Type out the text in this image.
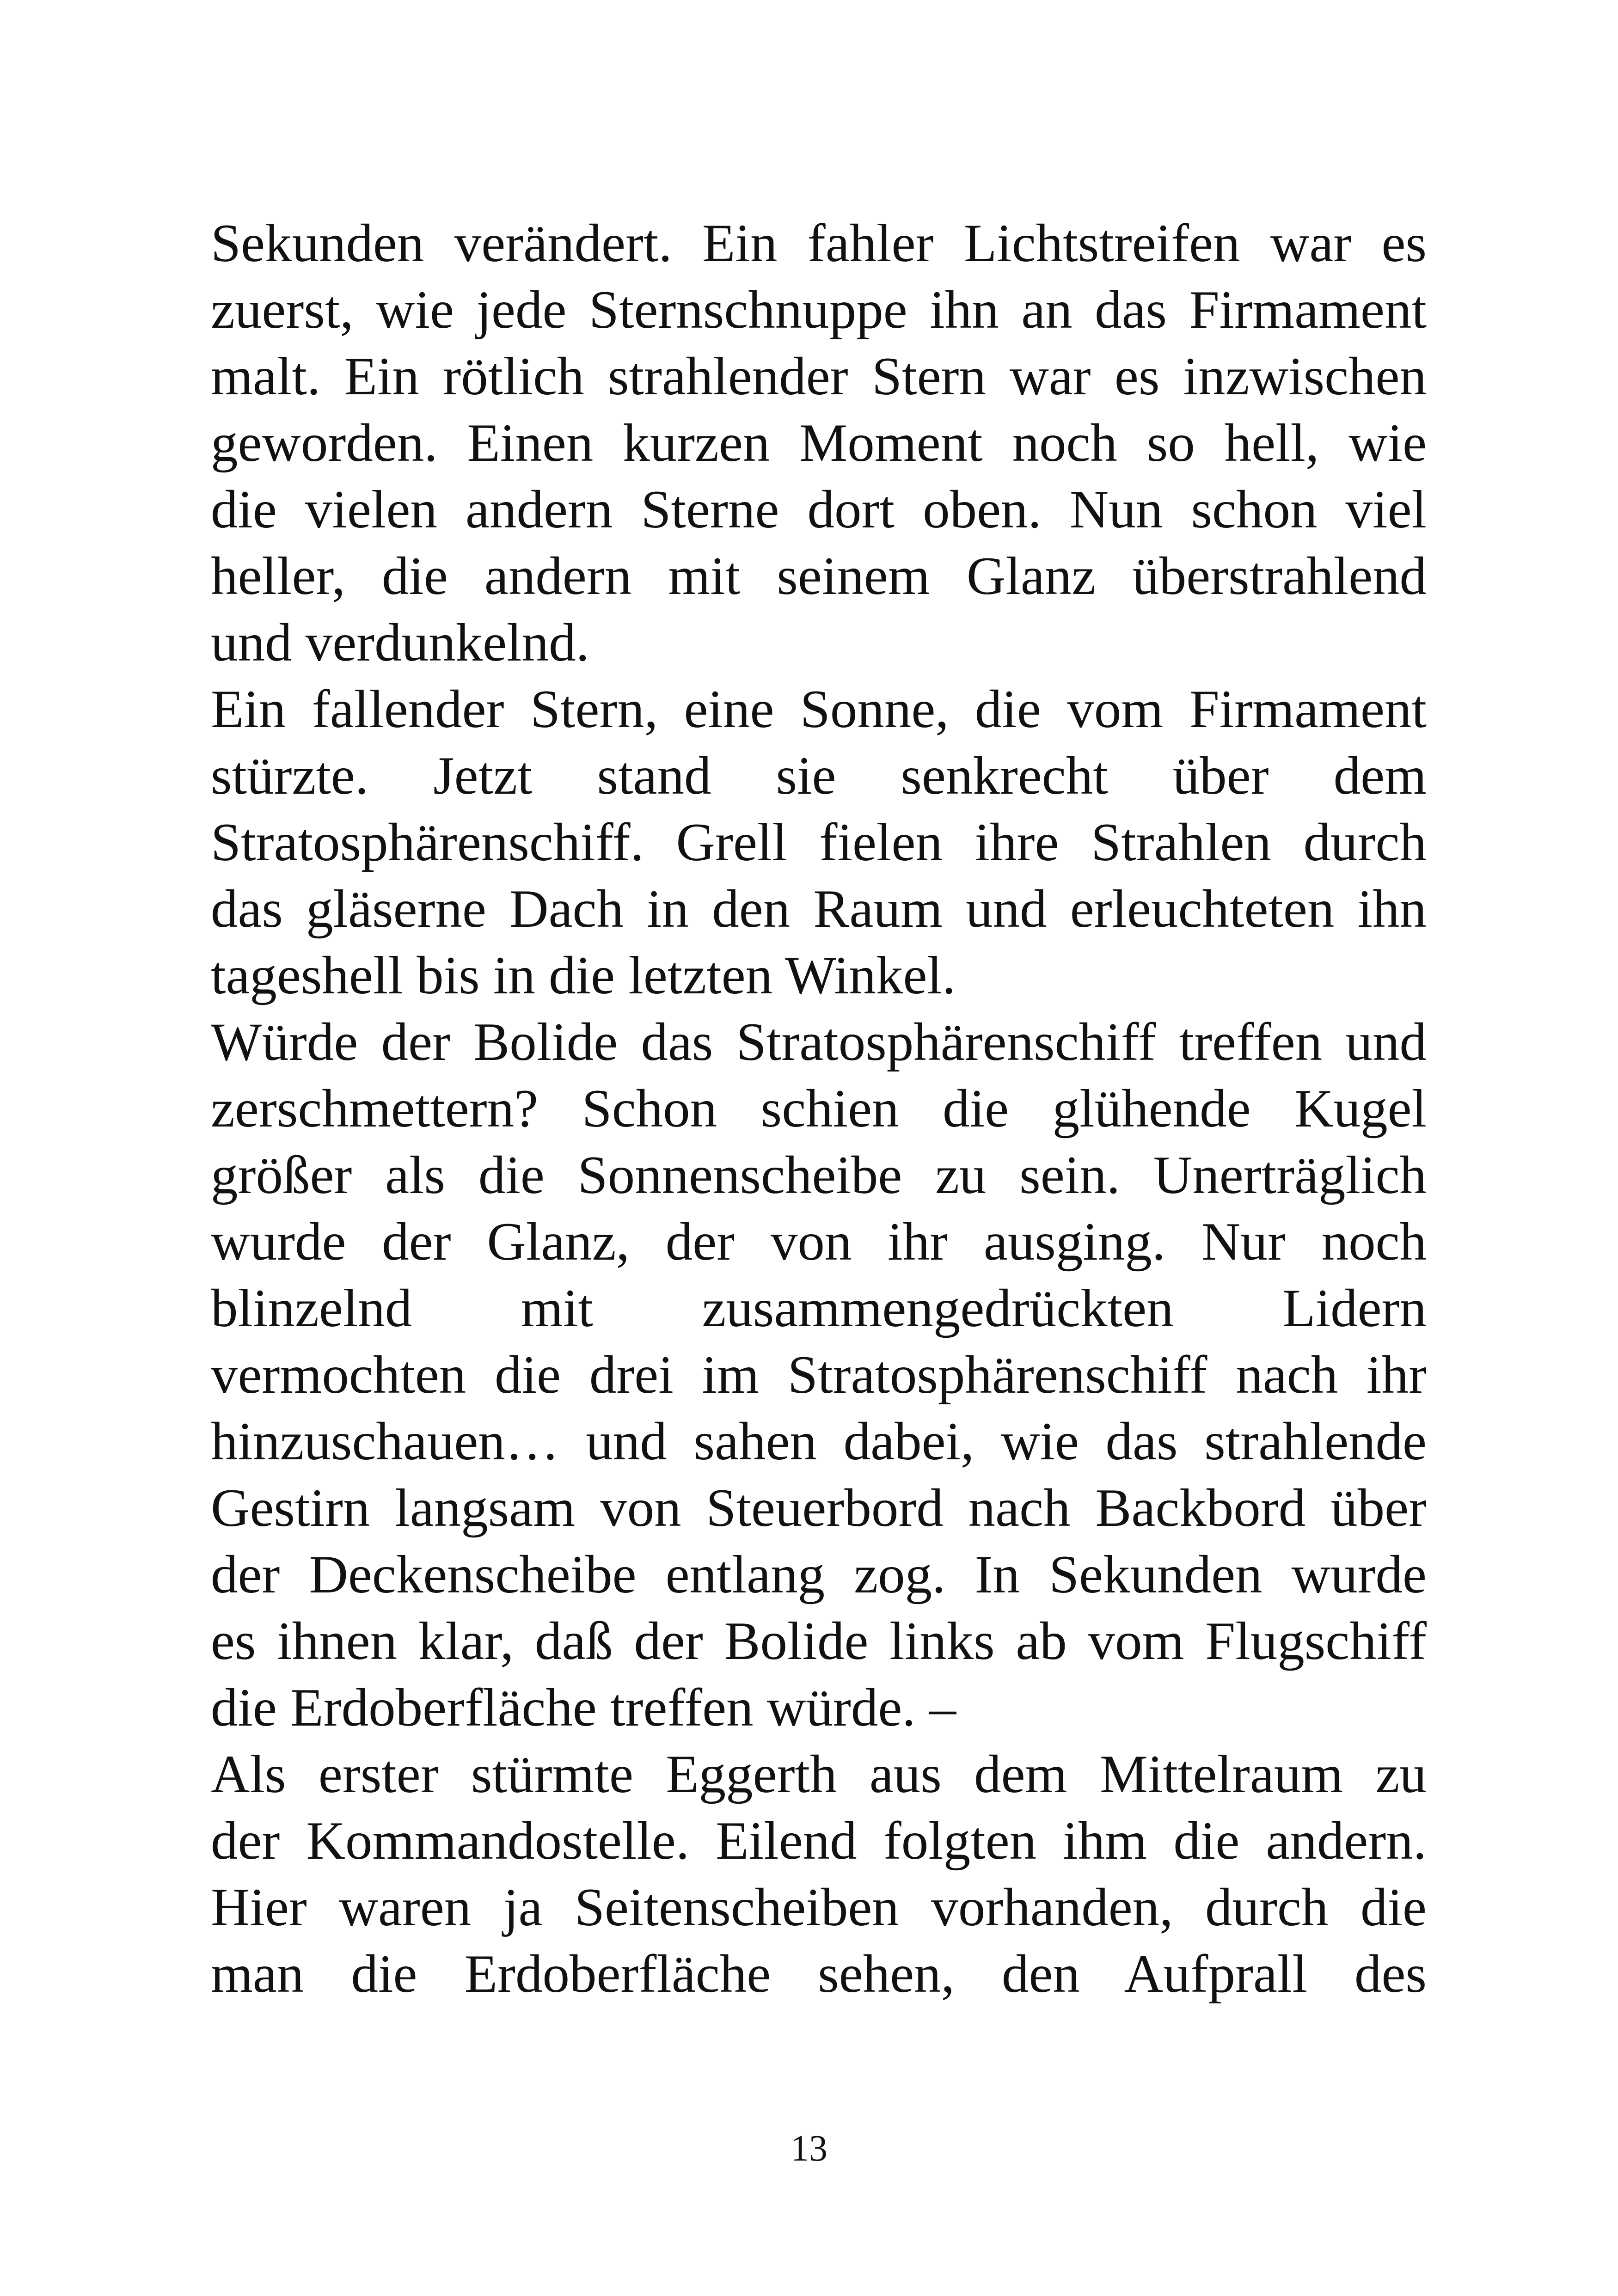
Sekunden verändert. Ein fahler Lichtstreifen war es
zuerst, wie jede Sternschnuppe ihn an das Firmament
malt. Ein rötlich strahlender Stern war es inzwischen
geworden. Einen kurzen Moment noch so hell, wie
die vielen andern Sterne dort oben. Nun schon viel
heller, die andern mit seinem Glanz überstrahlend
und verdunkelnd.
Ein fallender Stern, eine Sonne, die vom Firmament
stürzte. Jetzt stand sie senkrecht über dem
Stratosphärenschiff. Grell fielen ihre Strahlen durch
das gläserne Dach in den Raum und erleuchteten ihn
tageshell bis in die letzten Winkel.
Würde der Bolide das Stratosphärenschiff treffen und
zerschmettern? Schon schien die glühende Kugel
größer als die Sonnenscheibe zu sein. Unerträglich
wurde der Glanz, der von ihr ausging. Nur noch
blinzelnd mit zusammengedrückten Lidern
vermochten die drei im Stratosphärenschiff nach ihr
hinzuschauen… und sahen dabei, wie das strahlende
Gestirn langsam von Steuerbord nach Backbord über
der Deckenscheibe entlang zog. In Sekunden wurde
es ihnen klar, daß der Bolide links ab vom Flugschiff
die Erdoberfläche treffen würde. –
Als erster stürmte Eggerth aus dem Mittelraum zu
der Kommandostelle. Eilend folgten ihm die andern.
Hier waren ja Seitenscheiben vorhanden, durch die
man die Erdoberfläche sehen, den Aufprall des
13
